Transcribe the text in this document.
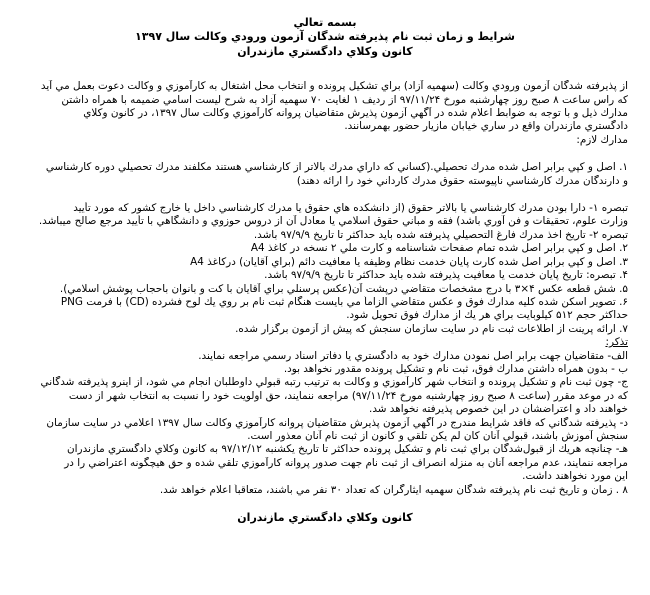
بسمه تعالي
شرايط و زمان ثبت نام پذيرفته شدگان آزمون ورودي وكالت سال ۱۳۹۷
كانون وكلاي دادگستري مازندران
از پذيرفته شدگان آزمون ورودي وكالت (سهميه آزاد) براي تشكيل پرونده و انتخاب محل اشتغال به كارآموزي و وكالت دعوت بعمل مي آيد
كه راس ساعت ۸ صبح روز چهارشنبه مورخ ۹۷/۱۱/۲۴ از رديف ۱ لغايت ۷۰ سهميه آزاد به شرح ليست اسامي ضميمه با همراه داشتن
مدارك ذيل و با توجه به ضوابط اعلام شده در آگهي آزمون پذيرش متقاضيان پروانه كارآموزي وكالت سال ۱۳۹۷، در كانون وكلاي
دادگستري مازندران واقع در ساري خيابان مازيار حضور بهمرسانند.
مدارك لازم:
۱. اصل و كپي برابر اصل شده مدرك تحصيلي.(كساني كه داراي مدرك بالاتر از كارشناسي هستند مكلفند مدرك تحصيلي دوره كارشناسي
و دارندگان مدرك كارشناسي ناپيوسته حقوق مدرك كارداني خود را ارائه دهند)
تبصره ۱- دارا بودن مدرك كارشناسي يا بالاتر حقوق (از دانشكده هاي حقوق يا مدرك كارشناسي داخل يا خارج كشور كه مورد تأييد
وزارت علوم، تحقيقات و فن آوري باشد) فقه و مباني حقوق اسلامي يا معادل آن از دروس حوزوي و دانشگاهي با تأييد مرجع صالح ميباشد.
تبصره ۲- تاريخ اخذ مدرك فارغ التحصيلي پذيرفته شده بايد حداكثر تا تاريخ ۹۷/۹/۹ باشد.
۲. اصل و كپي برابر اصل شده تمام صفحات شناسنامه و كارت ملي ۲ نسخه در كاغذ A4
۳. اصل و كپي برابر اصل شده كارت پايان خدمت نظام وظيفه يا معافيت دائم (براي آقايان) دركاغذ A4
۴. تبصره: تاريخ پايان خدمت يا معافيت پذيرفته شده بايد حداكثر تا تاريخ ۹۷/۹/۹ باشد.
۵. شش قطعه عكس ۴×۳ با درج مشخصات متقاضي درپشت آن(عكس پرسنلي براي آقايان با كت و بانوان باحجاب پوشش اسلامي).
۶. تصوير اسكن شده كليه مدارك فوق و عكس متقاضي الزاماً مي بايست هنگام ثبت نام بر روي يك لوح فشرده (CD) با فرمت PNG
حداكثر حجم ۵۱۲ كيلوبايت براي هر يك از مدارك فوق تحويل شود.
۷. ارائه پرينت از اطلاعات ثبت نام در سايت سازمان سنجش كه پيش از آزمون برگزار شده.
تذكر:
الف- متقاضيان جهت برابر اصل نمودن مدارك خود به دادگستري يا دفاتر اسناد رسمي مراجعه نمايند.
ب - بدون همراه داشتن مدارك فوق، ثبت نام و تشكيل پرونده مقدور نخواهد بود.
ج- چون ثبت نام و تشكيل پرونده و انتخاب شهر كارآموزي و وكالت به ترتيب رتبه قبولي داوطلبان انجام مي شود، از اينرو پذيرفته شدگاني
كه در موعد مقرر (ساعت ۸ صبح روز چهارشنبه مورخ ۹۷/۱۱/۲۴) مراجعه ننمايند، حق اولويت خود را نسبت به انتخاب شهر از دست
خواهند داد و اعتراضشان در اين خصوص پذيرفته نخواهد شد.
د- پذيرفته شدگاني كه فاقد شرايط مندرج در آگهي آزمون پذيرش متقاضيان پروانه كارآموزي وكالت سال ۱۳۹۷ اعلامي در سايت سازمان
سنجش آموزش باشند، قبولي آنان كان لم يكن تلقي و كانون از ثبت نام آنان معذور است.
هـ- چنانچه هريك از قبول‌شدگان براي ثبت نام و تشكيل پرونده حداكثر تا تاريخ يكشنبه ۹۷/۱۲/۱۲ به كانون وكلاي دادگستري مازندران
مراجعه ننمايند، عدم مراجعه آنان به منزله انصراف از ثبت نام جهت صدور پروانه كارآموزي تلقي شده و حق هيچگونه اعتراضي را در
اين مورد نخواهند داشت.
۸ . زمان و تاريخ ثبت نام پذيرفته شدگان سهميه ايثارگران كه تعداد ۳۰ نفر مي باشند، متعاقباً اعلام خواهد شد.
كانون وكلاي دادگستري مازندران
